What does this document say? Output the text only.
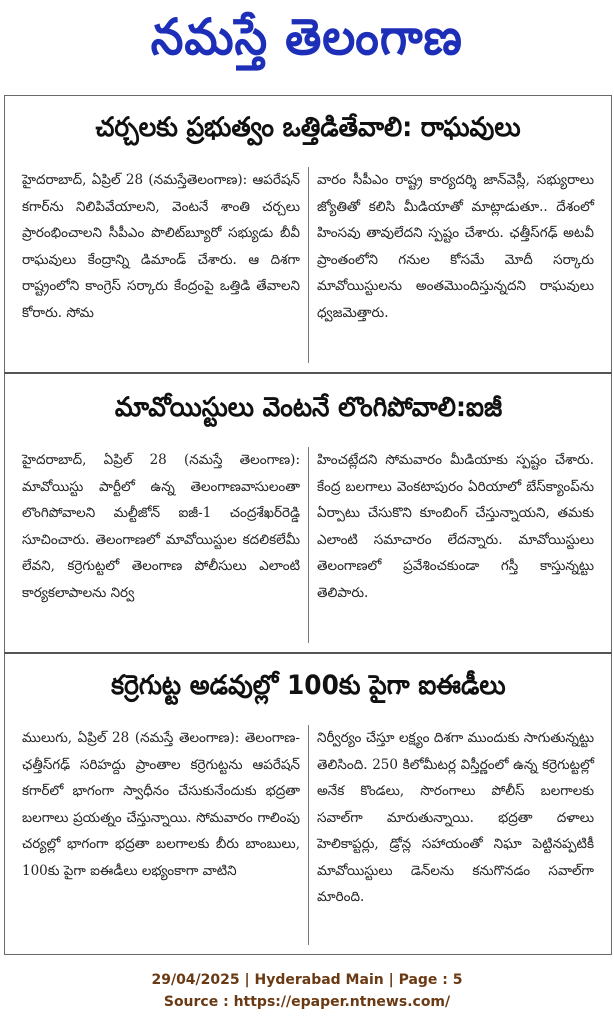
నమస్తే తెలంగాణ
చర్చలకు ప్రభుత్వం ఒత్తిడితేవాలి: రాఘవులు
హైదరాబాద్, ఏప్రిల్ 28 (నమస్తేతెలంగాణ): ఆపరేషన్ కగార్‌ను నిలిపివేయాలని, వెంటనే శాంతి చర్చలు ప్రారంభించాలని సీపీఎం పొలిట్‌బ్యూరో సభ్యుడు బీవీ రాఘవులు కేంద్రాన్ని డిమాండ్ చేశారు. ఆ దిశగా రాష్ట్రంలోని కాంగ్రెస్ సర్కారు కేంద్రంపై ఒత్తిడి తేవాలని కోరారు. సోమ
వారం సీపీఎం రాష్ట్ర కార్యదర్శి జాన్‌వెస్లీ, సభ్యురాలు జ్యోతితో కలిసి మీడియాతో మాట్లాడుతూ.. దేశంలో హింసవు తావులేదని స్పష్టం చేశారు. ఛత్తీస్‌గఢ్ అటవీ ప్రాంతంలోని గనుల కోసమే మోదీ సర్కారు మావోయిస్టులను అంతమొందిస్తున్నదని రాఘవులు ధ్వజమెత్తారు.
మావోయిస్టులు వెంటనే లొంగిపోవాలి:ఐజీ
హైదరాబాద్, ఏప్రిల్ 28 (నమస్తే తెలంగాణ): మావోయిస్టు పార్టీలో ఉన్న తెలంగాణవాసులంతా లొంగిపోవాలని మల్టీజోన్ ఐజీ-1 చంద్రశేఖర్‌రెడ్డి సూచించారు. తెలంగాణలో మావోయిస్టుల కదలికలేమీ లేవని, కర్రెగుట్టలో తెలంగాణ పోలీసులు ఎలాంటి కార్యకలాపాలను నిర్వ
హించట్లేదని సోమవారం మీడియాకు స్పష్టం చేశారు. కేంద్ర బలగాలు వెంకటాపురం ఏరియాలో బేస్‌క్యాంప్‌ను ఏర్పాటు చేసుకొని కూంబింగ్ చేస్తున్నాయని, తమకు ఎలాంటి సమాచారం లేదన్నారు. మావోయిస్టులు తెలంగాణలో ప్రవేశించకుండా గస్తీ కాస్తున్నట్టు తెలిపారు.
కర్రెగుట్ట అడవుల్లో 100కు పైగా ఐఈడీలు
ములుగు, ఏప్రిల్ 28 (నమస్తే తెలంగాణ): తెలంగాణ-ఛత్తీస్‌గఢ్ సరిహద్దు ప్రాంతాల కర్రెగుట్టను ఆపరేషన్ కగార్‌లో భాగంగా స్వాధీనం చేసుకునేందుకు భద్రతా బలగాలు ప్రయత్నం చేస్తున్నాయి. సోమవారం గాలింపు చర్యల్లో భాగంగా భద్రతా బలగాలకు బీరు బాంబులు, 100కు పైగా ఐఈడీలు లభ్యంకాగా వాటిని
నిర్వీర్యం చేస్తూ లక్ష్యం దిశగా ముందుకు సాగుతున్నట్టు తెలిసింది. 250 కిలోమీటర్ల విస్తీర్ణంలో ఉన్న కర్రెగుట్టల్లో అనేక కొండలు, సొరంగాలు పోలీస్ బలగాలకు సవాల్‌గా మారుతున్నాయి. భద్రతా దళాలు హెలికాప్టర్లు, డ్రోన్ల సహాయంతో నిఘా పెట్టినప్పటికీ మావోయిస్టులు డెన్‌లను కనుగొనడం సవాల్‌గా మారింది.
29/04/2025 | Hyderabad Main | Page : 5
Source : https://epaper.ntnews.com/
